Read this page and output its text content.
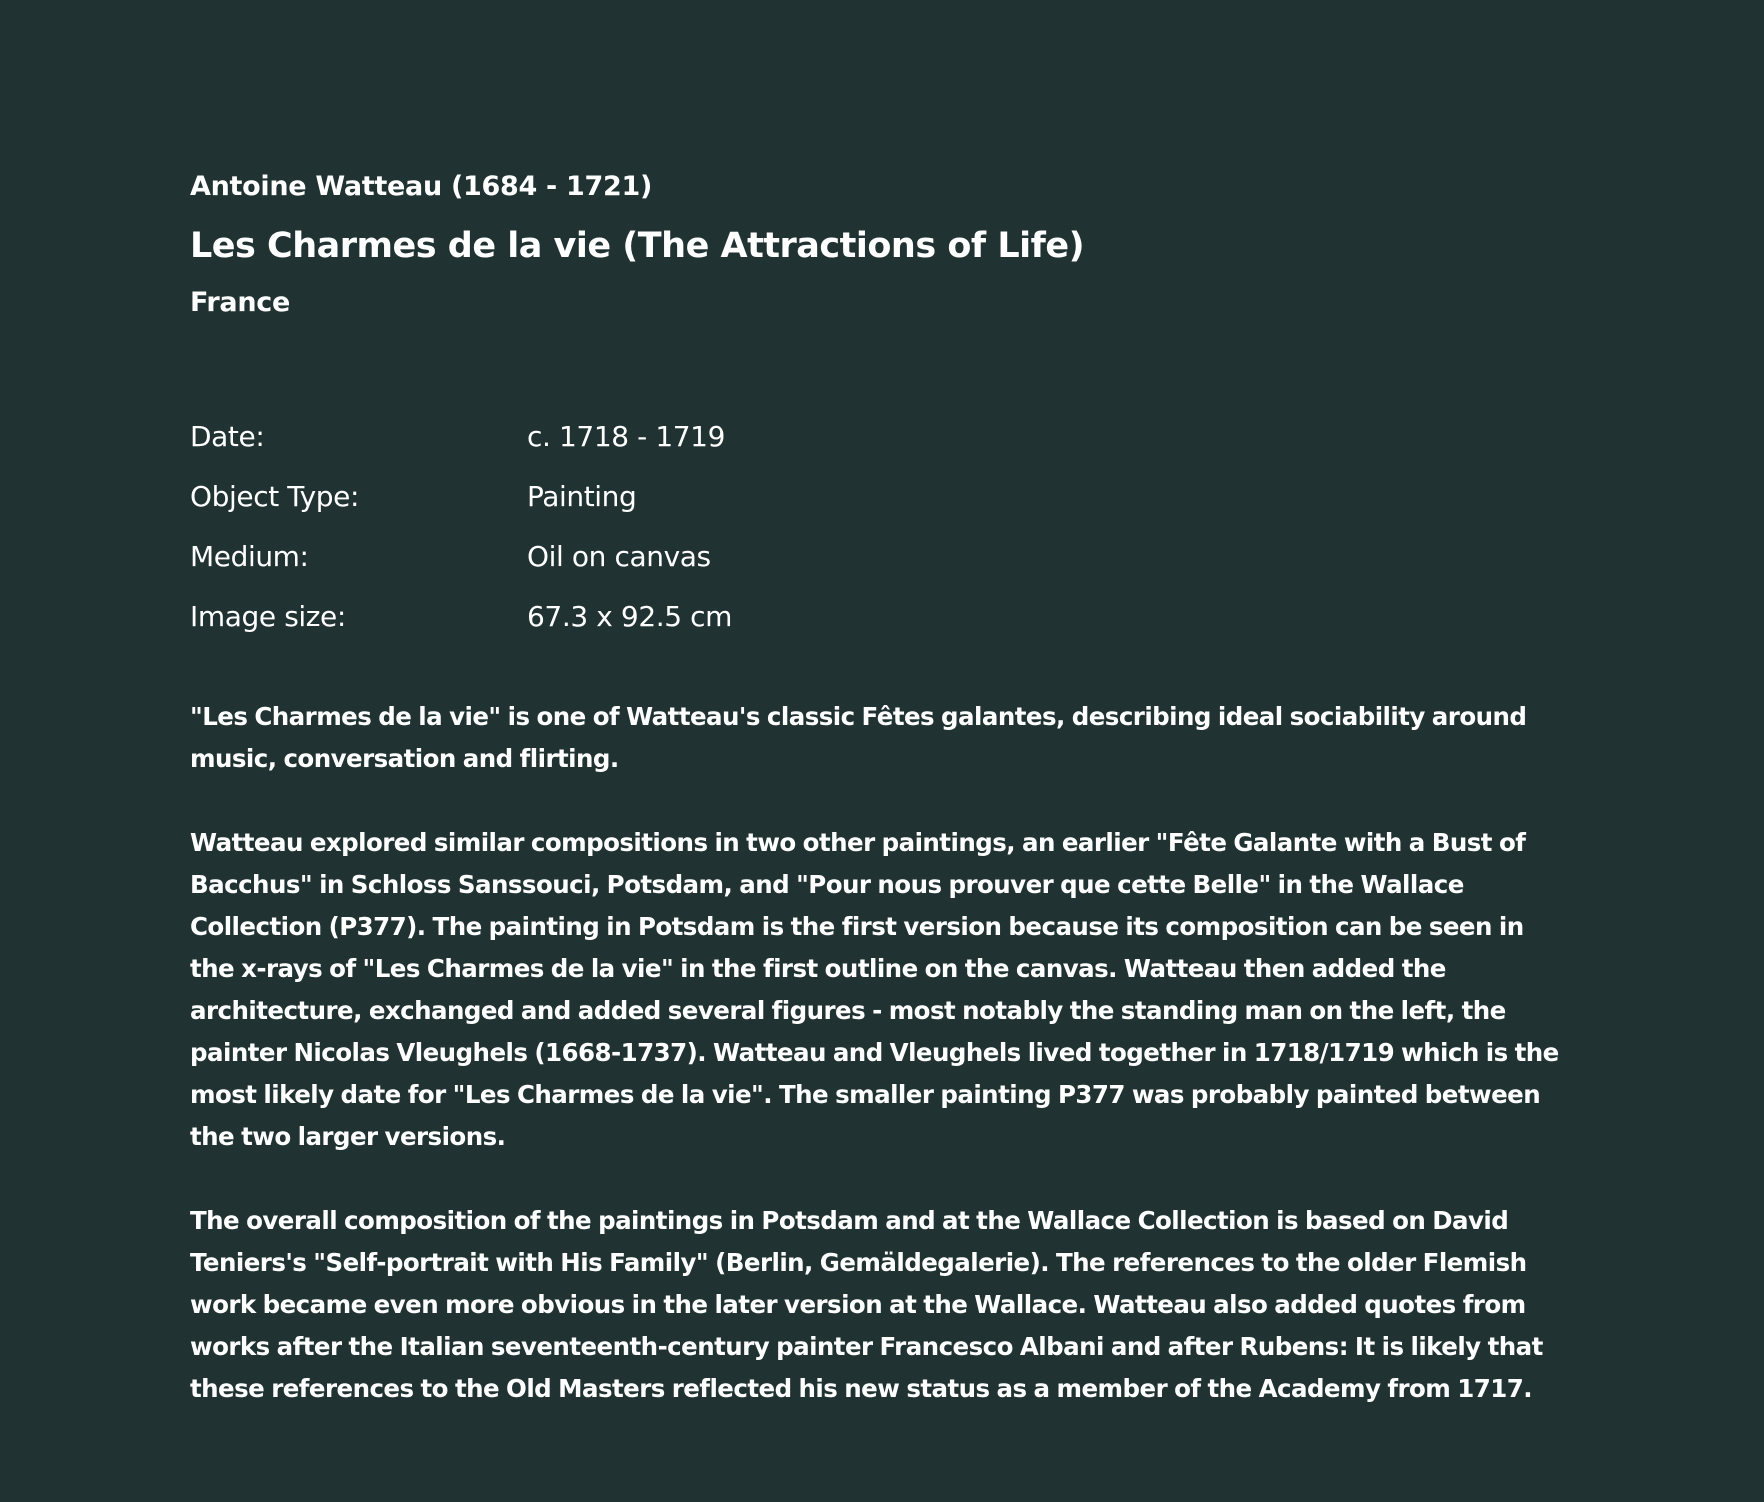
Antoine Watteau (1684 - 1721)
Les Charmes de la vie (The Attractions of Life)
France
Date:	c. 1718 - 1719
Object Type:	Painting
Medium:	Oil on canvas
Image size:	67.3 x 92.5 cm

"Les Charmes de la vie" is one of Watteau's classic Fêtes galantes, describing ideal sociability around music, conversation and flirting.

Watteau explored similar compositions in two other paintings, an earlier "Fête Galante with a Bust of Bacchus" in Schloss Sanssouci, Potsdam, and "Pour nous prouver que cette Belle" in the Wallace Collection (P377). The painting in Potsdam is the first version because its composition can be seen in the x-rays of "Les Charmes de la vie" in the first outline on the canvas. Watteau then added the architecture, exchanged and added several figures - most notably the standing man on the left, the painter Nicolas Vleughels (1668-1737). Watteau and Vleughels lived together in 1718/1719 which is the most likely date for "Les Charmes de la vie". The smaller painting P377 was probably painted between the two larger versions.

The overall composition of the paintings in Potsdam and at the Wallace Collection is based on David Teniers's "Self-portrait with His Family" (Berlin, Gemäldegalerie). The references to the older Flemish work became even more obvious in the later version at the Wallace. Watteau also added quotes from works after the Italian seventeenth-century painter Francesco Albani and after Rubens: It is likely that these references to the Old Masters reflected his new status as a member of the Academy from 1717.
